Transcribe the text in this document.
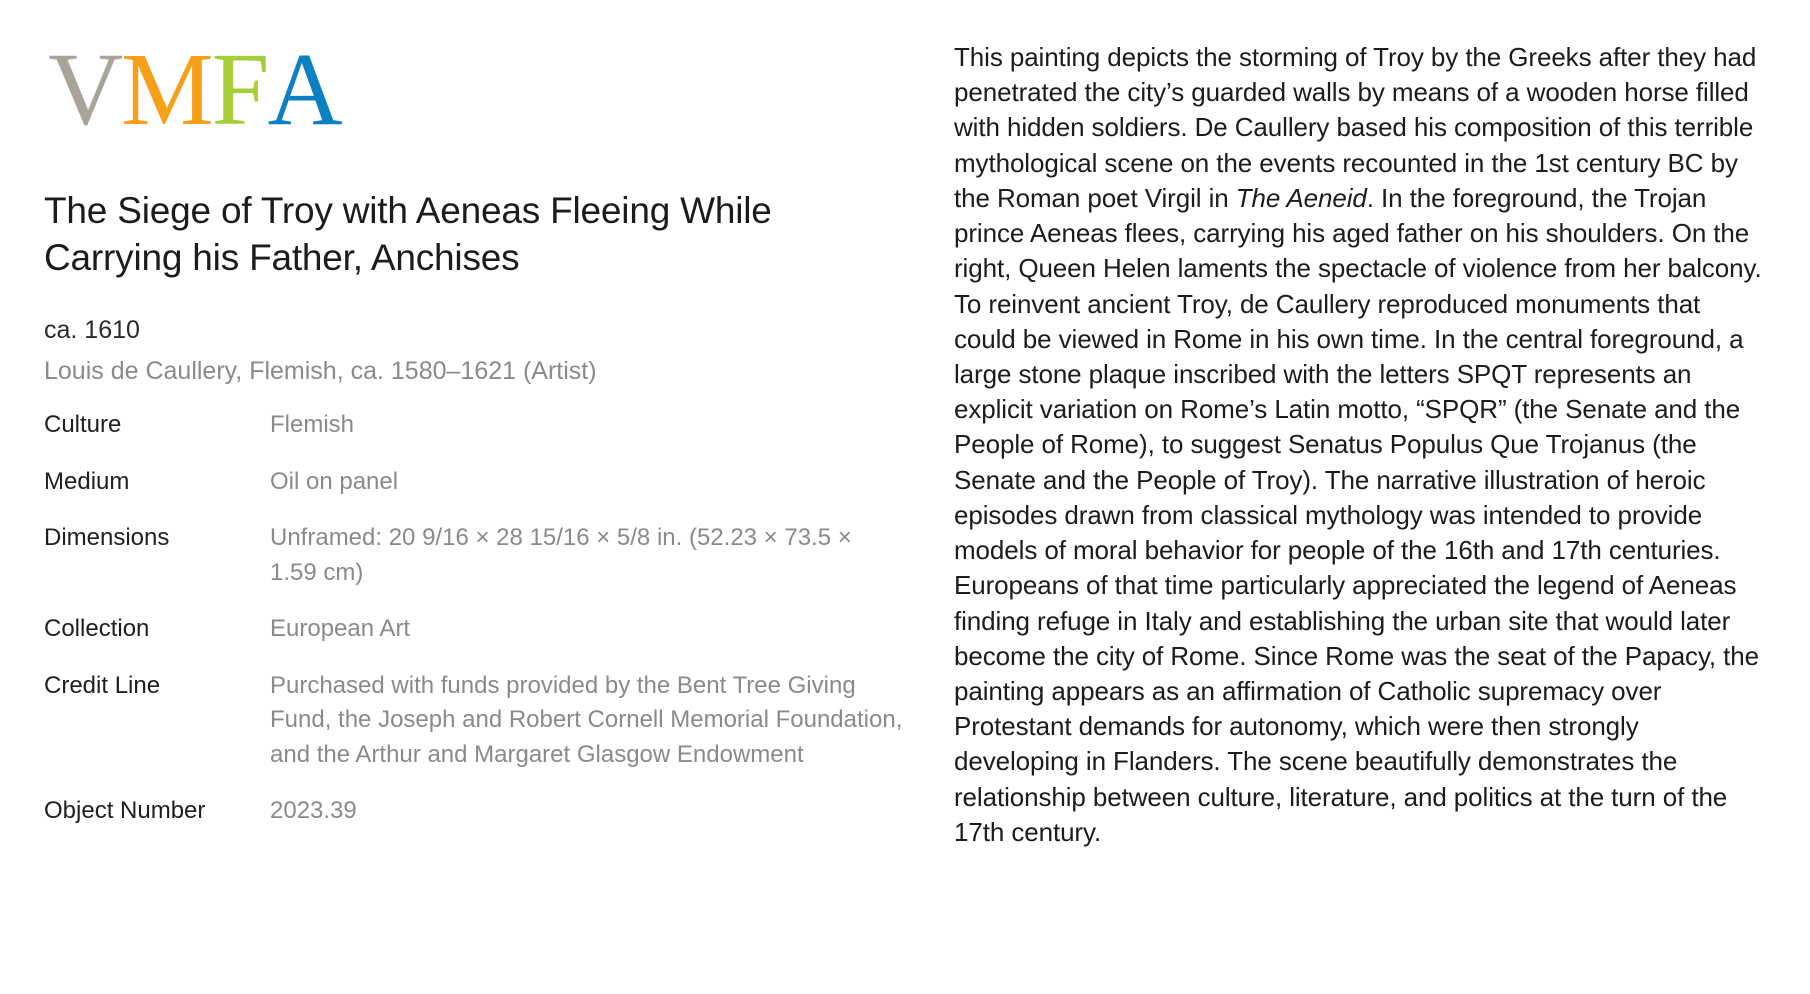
VMFA
The Siege of Troy with Aeneas Fleeing While Carrying his Father, Anchises
ca. 1610
Louis de Caullery, Flemish, ca. 1580–1621 (Artist)
Culture	Flemish
Medium	Oil on panel
Dimensions	Unframed: 20 9/16 × 28 15/16 × 5/8 in. (52.23 × 73.5 × 1.59 cm)
Collection	European Art
Credit Line	Purchased with funds provided by the Bent Tree Giving Fund, the Joseph and Robert Cornell Memorial Foundation, and the Arthur and Margaret Glasgow Endowment
Object Number	2023.39

This painting depicts the storming of Troy by the Greeks after they had penetrated the city’s guarded walls by means of a wooden horse filled with hidden soldiers. De Caullery based his composition of this terrible mythological scene on the events recounted in the 1st century BC by the Roman poet Virgil in The Aeneid. In the foreground, the Trojan prince Aeneas flees, carrying his aged father on his shoulders. On the right, Queen Helen laments the spectacle of violence from her balcony. To reinvent ancient Troy, de Caullery reproduced monuments that could be viewed in Rome in his own time. In the central foreground, a large stone plaque inscribed with the letters SPQT represents an explicit variation on Rome’s Latin motto, “SPQR” (the Senate and the People of Rome), to suggest Senatus Populus Que Trojanus (the Senate and the People of Troy). The narrative illustration of heroic episodes drawn from classical mythology was intended to provide models of moral behavior for people of the 16th and 17th centuries. Europeans of that time particularly appreciated the legend of Aeneas finding refuge in Italy and establishing the urban site that would later become the city of Rome. Since Rome was the seat of the Papacy, the painting appears as an affirmation of Catholic supremacy over Protestant demands for autonomy, which were then strongly developing in Flanders. The scene beautifully demonstrates the relationship between culture, literature, and politics at the turn of the 17th century.
